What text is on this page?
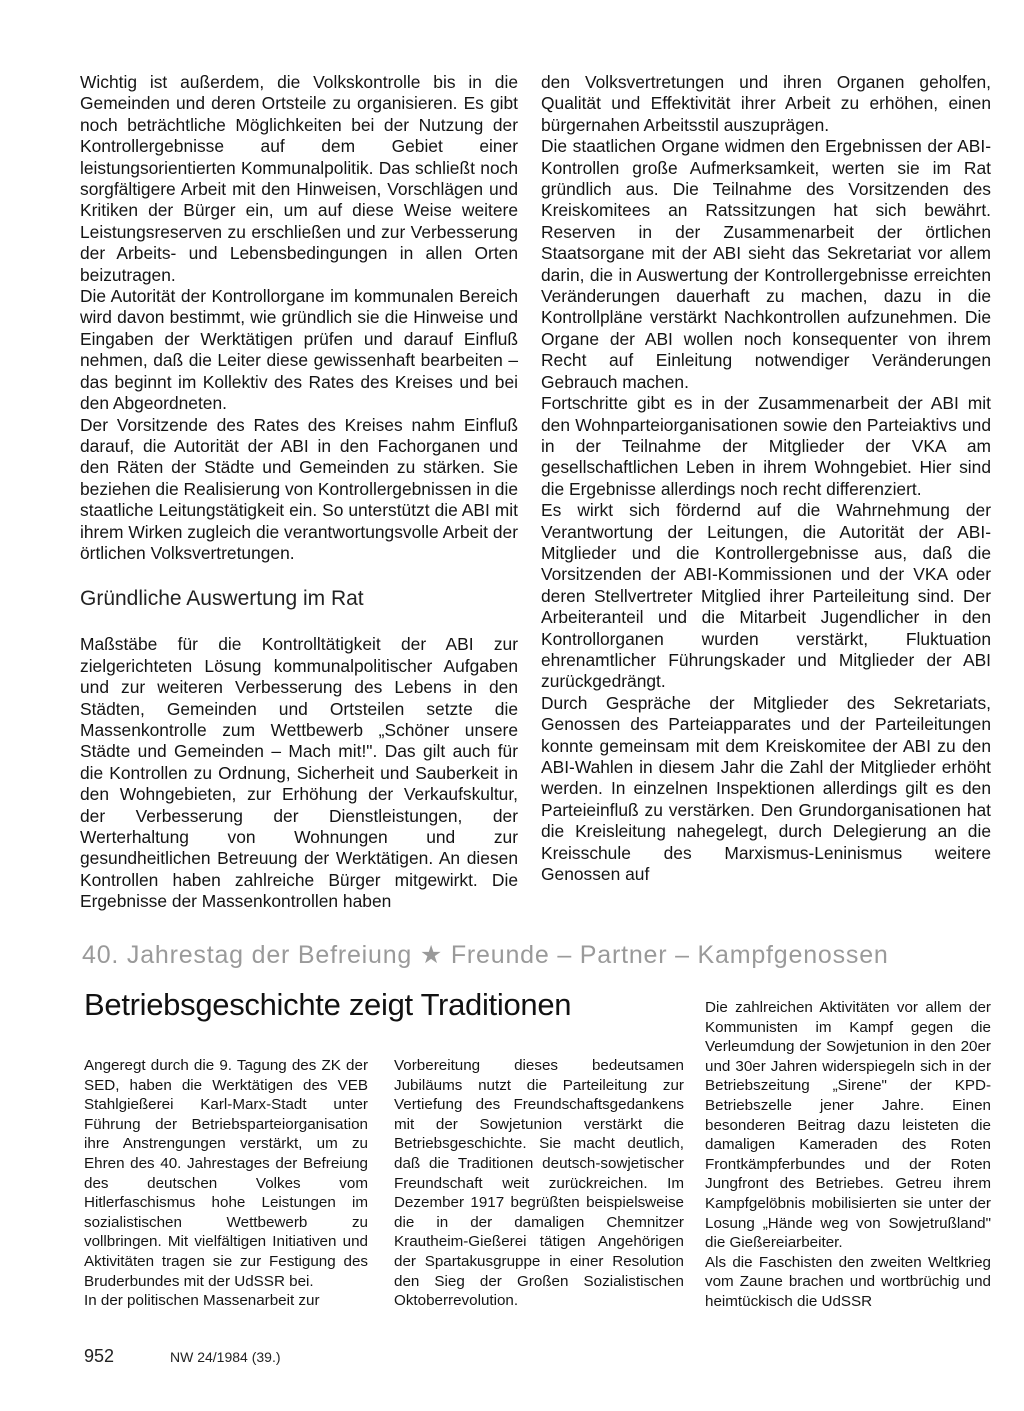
Wichtig ist außerdem, die Volkskontrolle bis in die Gemeinden und deren Ortsteile zu organisieren. Es gibt noch beträchtliche Möglichkeiten bei der Nutzung der Kontrollergebnisse auf dem Gebiet einer leistungsorientierten Kommunalpolitik. Das schließt noch sorgfältigere Arbeit mit den Hinweisen, Vorschlägen und Kritiken der Bürger ein, um auf diese Weise weitere Leistungsreserven zu erschließen und zur Verbesserung der Arbeits- und Lebensbedingungen in allen Orten beizutragen.

Die Autorität der Kontrollorgane im kommunalen Bereich wird davon bestimmt, wie gründlich sie die Hinweise und Eingaben der Werktätigen prüfen und darauf Einfluß nehmen, daß die Leiter diese gewissenhaft bearbeiten – das beginnt im Kollektiv des Rates des Kreises und bei den Abgeordneten.

Der Vorsitzende des Rates des Kreises nahm Einfluß darauf, die Autorität der ABI in den Fachorganen und den Räten der Städte und Gemeinden zu stärken. Sie beziehen die Realisierung von Kontrollergebnissen in die staatliche Leitungstätigkeit ein. So unterstützt die ABI mit ihrem Wirken zugleich die verantwortungsvolle Arbeit der örtlichen Volksvertretungen.

Gründliche Auswertung im Rat

Maßstäbe für die Kontrolltätigkeit der ABI zur zielgerichteten Lösung kommunalpolitischer Aufgaben und zur weiteren Verbesserung des Lebens in den Städten, Gemeinden und Ortsteilen setzte die Massenkontrolle zum Wettbewerb „Schöner unsere Städte und Gemeinden – Mach mit!". Das gilt auch für die Kontrollen zu Ordnung, Sicherheit und Sauberkeit in den Wohngebieten, zur Erhöhung der Verkaufskultur, der Verbesserung der Dienstleistungen, der Werterhaltung von Wohnungen und zur gesundheitlichen Betreuung der Werktätigen. An diesen Kontrollen haben zahlreiche Bürger mitgewirkt. Die Ergebnisse der Massenkontrollen haben

den Volksvertretungen und ihren Organen geholfen, Qualität und Effektivität ihrer Arbeit zu erhöhen, einen bürgernahen Arbeitsstil auszuprägen.

Die staatlichen Organe widmen den Ergebnissen der ABI-Kontrollen große Aufmerksamkeit, werten sie im Rat gründlich aus. Die Teilnahme des Vorsitzenden des Kreiskomitees an Ratssitzungen hat sich bewährt. Reserven in der Zusammenarbeit der örtlichen Staatsorgane mit der ABI sieht das Sekretariat vor allem darin, die in Auswertung der Kontrollergebnisse erreichten Veränderungen dauerhaft zu machen, dazu in die Kontrollpläne verstärkt Nachkontrollen aufzunehmen. Die Organe der ABI wollen noch konsequenter von ihrem Recht auf Einleitung notwendiger Veränderungen Gebrauch machen.

Fortschritte gibt es in der Zusammenarbeit der ABI mit den Wohnparteiorganisationen sowie den Parteiaktivs und in der Teilnahme der Mitglieder der VKA am gesellschaftlichen Leben in ihrem Wohngebiet. Hier sind die Ergebnisse allerdings noch recht differenziert.

Es wirkt sich fördernd auf die Wahrnehmung der Verantwortung der Leitungen, die Autorität der ABI-Mitglieder und die Kontrollergebnisse aus, daß die Vorsitzenden der ABI-Kommissionen und der VKA oder deren Stellvertreter Mitglied ihrer Parteileitung sind. Der Arbeiteranteil und die Mitarbeit Jugendlicher in den Kontrollorganen wurden verstärkt, Fluktuation ehrenamtlicher Führungskader und Mitglieder der ABI zurückgedrängt.

Durch Gespräche der Mitglieder des Sekretariats, Genossen des Parteiapparates und der Parteileitungen konnte gemeinsam mit dem Kreiskomitee der ABI zu den ABI-Wahlen in diesem Jahr die Zahl der Mitglieder erhöht werden. In einzelnen Inspektionen allerdings gilt es den Parteieinfluß zu verstärken. Den Grundorganisationen hat die Kreisleitung nahegelegt, durch Delegierung an die Kreisschule des Marxismus-Leninismus weitere Genossen auf

40. Jahrestag der Befreiung ★ Freunde – Partner – Kampfgenossen
Betriebsgeschichte zeigt Traditionen

Angeregt durch die 9. Tagung des ZK der SED, haben die Werktätigen des VEB Stahlgießerei Karl-Marx-Stadt unter Führung der Betriebsparteiorganisation ihre Anstrengungen verstärkt, um zu Ehren des 40. Jahrestages der Befreiung des deutschen Volkes vom Hitlerfaschismus hohe Leistungen im sozialistischen Wettbewerb zu vollbringen. Mit vielfältigen Initiativen und Aktivitäten tragen sie zur Festigung des Bruderbundes mit der UdSSR bei.

In der politischen Massenarbeit zur

Vorbereitung dieses bedeutsamen Jubiläums nutzt die Parteileitung zur Vertiefung des Freundschaftsgedankens mit der Sowjetunion verstärkt die Betriebsgeschichte. Sie macht deutlich, daß die Traditionen deutsch-sowjetischer Freundschaft weit zurückreichen. Im Dezember 1917 begrüßten beispielsweise die in der damaligen Chemnitzer Krautheim-Gießerei tätigen Angehörigen der Spartakusgruppe in einer Resolution den Sieg der Großen Sozialistischen Oktoberrevolution.

Die zahlreichen Aktivitäten vor allem der Kommunisten im Kampf gegen die Verleumdung der Sowjetunion in den 20er und 30er Jahren widerspiegeln sich in der Betriebszeitung „Sirene" der KPD-Betriebszelle jener Jahre. Einen besonderen Beitrag dazu leisteten die damaligen Kameraden des Roten Frontkämpferbundes und der Roten Jungfront des Betriebes. Getreu ihrem Kampfgelöbnis mobilisierten sie unter der Losung „Hände weg von Sowjetrußland" die Gießereiarbeiter.

Als die Faschisten den zweiten Weltkrieg vom Zaune brachen und wortbrüchig und heimtückisch die UdSSR

952	NW 24/1984 (39.)
